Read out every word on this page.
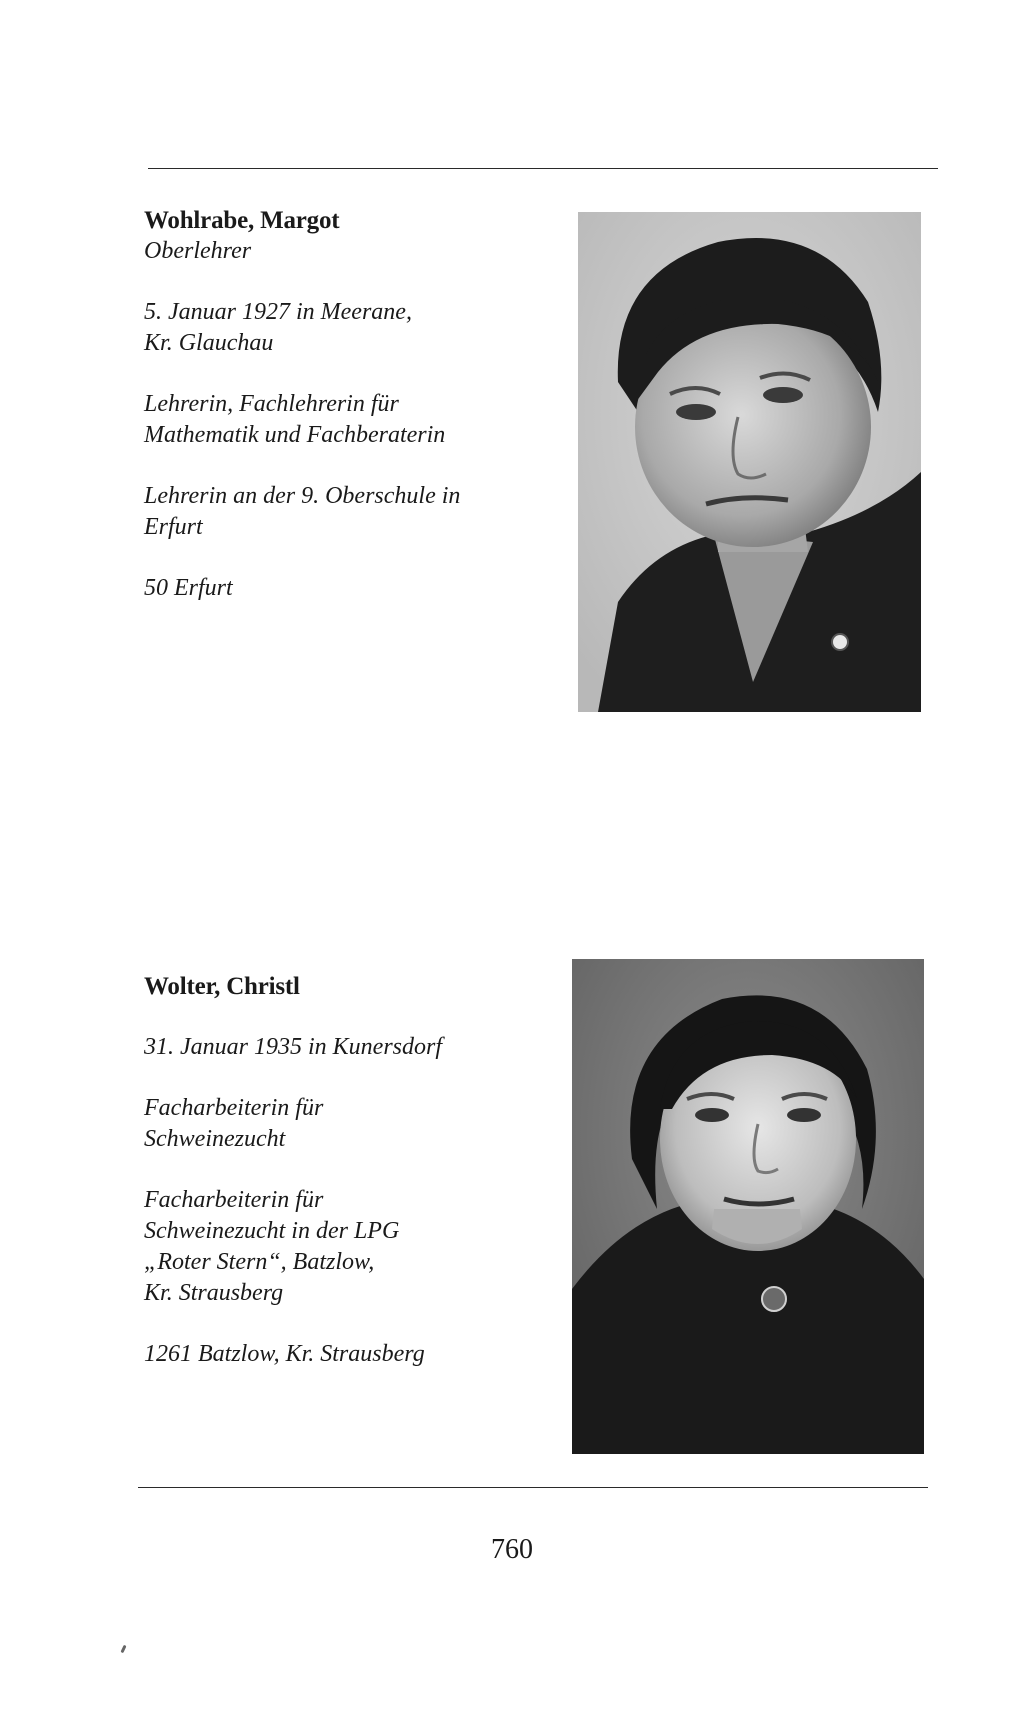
Wohlrabe, Margot

Oberlehrer

5. Januar 1927 in Meerane,
Kr. Glauchau

Lehrerin, Fachlehrerin für
Mathematik und Fachberaterin

Lehrerin an der 9. Oberschule in
Erfurt

50 Erfurt

Wolter, Christl

31. Januar 1935 in Kunersdorf

Facharbeiterin für
Schweinezucht

Facharbeiterin für
Schweinezucht in der LPG
„Roter Stern“, Batzlow,
Kr. Strausberg

1261 Batzlow, Kr. Strausberg

760
